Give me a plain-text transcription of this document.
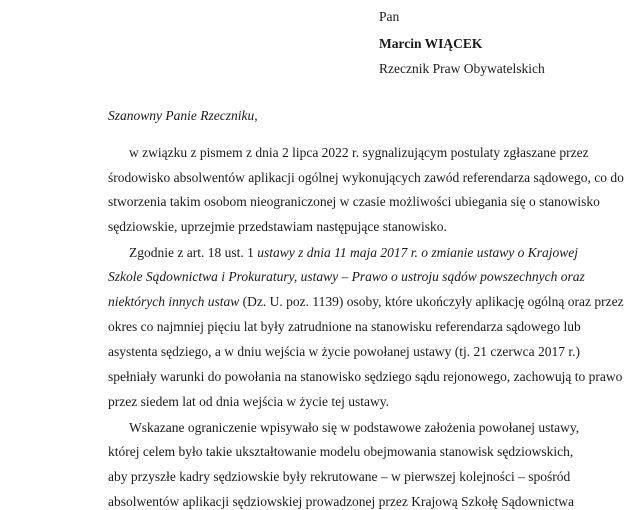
Pan
Marcin WIĄCEK
Rzecznik Praw Obywatelskich
Szanowny Panie Rzeczniku,
w związku z pismem z dnia 2 lipca 2022 r. sygnalizującym postulaty zgłaszane przez
środowisko absolwentów aplikacji ogólnej wykonujących zawód referendarza sądowego, co do
stworzenia takim osobom nieograniczonej w czasie możliwości ubiegania się o stanowisko
sędziowskie, uprzejmie przedstawiam następujące stanowisko.
Zgodnie z art. 18 ust. 1 ustawy z dnia 11 maja 2017 r. o zmianie ustawy o Krajowej
Szkole Sądownictwa i Prokuratury, ustawy – Prawo o ustroju sądów powszechnych oraz
niektórych innych ustaw (Dz. U. poz. 1139) osoby, które ukończyły aplikację ogólną oraz przez
okres co najmniej pięciu lat były zatrudnione na stanowisku referendarza sądowego lub
asystenta sędziego, a w dniu wejścia w życie powołanej ustawy (tj. 21 czerwca 2017 r.)
spełniały warunki do powołania na stanowisko sędziego sądu rejonowego, zachowują to prawo
przez siedem lat od dnia wejścia w życie tej ustawy.
Wskazane ograniczenie wpisywało się w podstawowe założenia powołanej ustawy,
której celem było takie ukształtowanie modelu obejmowania stanowisk sędziowskich,
aby przyszłe kadry sędziowskie były rekrutowane – w pierwszej kolejności – spośród
absolwentów aplikacji sędziowskiej prowadzonej przez Krajową Szkołę Sądownictwa
